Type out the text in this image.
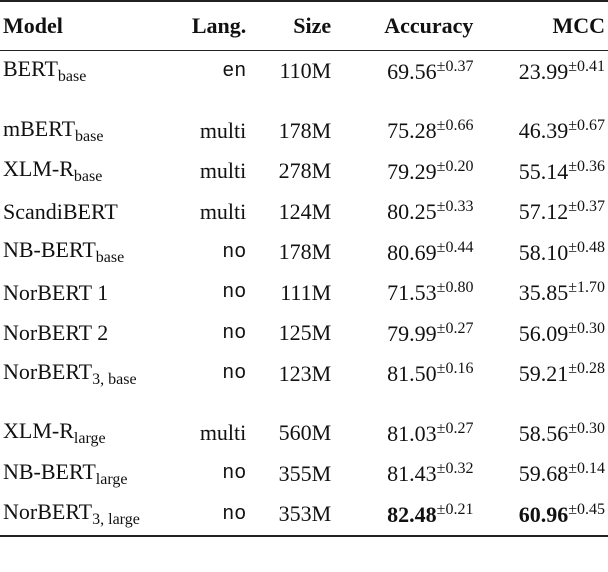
Model	Lang.	Size	Accuracy	MCC
$BERT_{base}$	en	110M	$69.56^{\pm 0.37}$	$23.99^{\pm 0.41}$

mBERT$_{base}$	multi	178M	$75.28^{\pm 0.66}$	$46.39^{\pm 0.67}$
XLM-$R_{base}$	multi	278M	$79.29^{\pm 0.20}$	$55.14^{\pm 0.36}$
ScandiBERT	multi	124M	$80.25^{\pm 0.33}$	$57.12^{\pm 0.37}$
$NB-BERT_{base}$	no	178M	$80.69^{\pm 0.44}$	$58.10^{\pm 0.48}$
NorBERT 1	no	111M	$71.53^{\pm 0.80}$	$35.85^{\pm 1.70}$
NorBERT 2	no	125M	$79.99^{\pm 0.27}$	$56.09^{\pm 0.30}$
NorBERT$_{3, base}$	no	123M	$81.50^{\pm 0.16}$	$59.21^{\pm 0.28}$

XLM-$R_{large}$	multi	560M	$81.03^{\pm 0.27}$	$58.56^{\pm 0.30}$
$NB-BERT_{large}$	no	355M	$81.43^{\pm 0.32}$	$59.68^{\pm 0.14}$
NorBERT$_{3, large}$	no	353M	$82.48^{\pm 0.21}$	$60.96^{\pm 0.45}$
